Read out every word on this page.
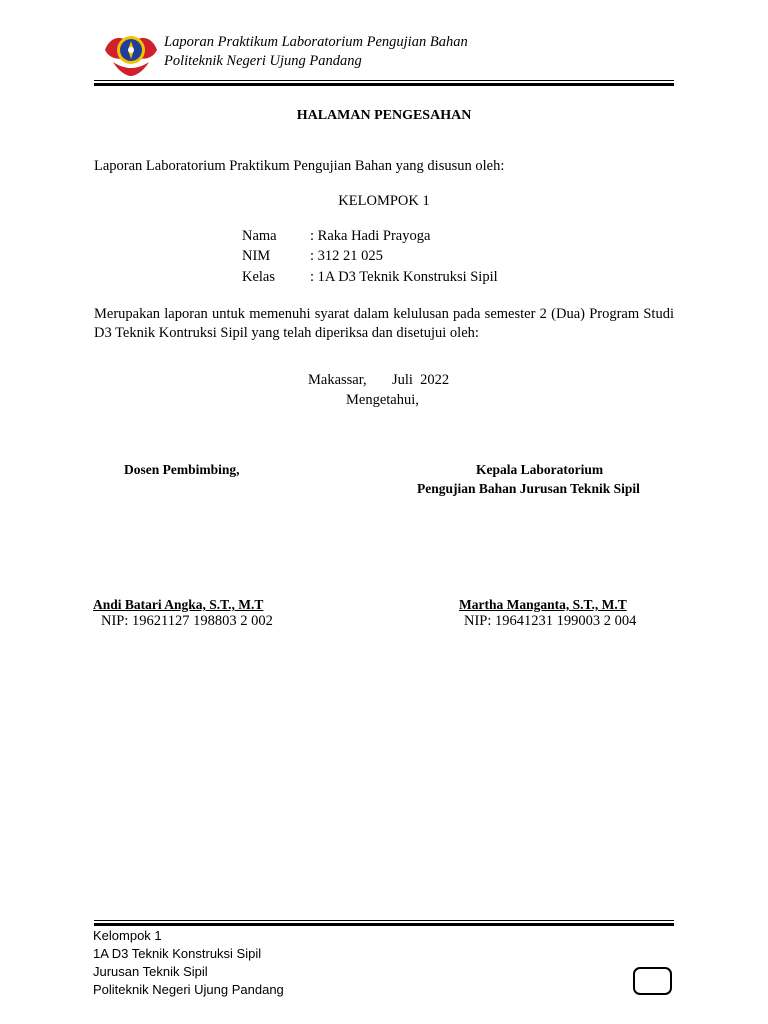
Laporan Praktikum Laboratorium Pengujian Bahan
Politeknik Negeri Ujung Pandang
HALAMAN PENGESAHAN
Laporan Laboratorium Praktikum Pengujian Bahan yang disusun oleh:
KELOMPOK 1
Nama : Raka Hadi Prayoga
NIM	: 312 21 025
Kelas : 1A D3 Teknik Konstruksi Sipil
Merupakan laporan untuk memenuhi syarat dalam kelulusan pada semester 2 (Dua) Program Studi D3 Teknik Kontruksi Sipil yang telah diperiksa dan disetujui oleh:
Makassar,       Juli  2022
Mengetahui,
Dosen Pembimbing,	Kepala Laboratorium
Pengujian Bahan Jurusan Teknik Sipil
Andi Batari Angka, S.T., M.T
NIP: 19621127 198803 2 002
Martha Manganta, S.T., M.T
NIP: 19641231 199003 2 004
Kelompok 1
1A D3 Teknik Konstruksi Sipil
Jurusan Teknik Sipil
Politeknik Negeri Ujung Pandang
